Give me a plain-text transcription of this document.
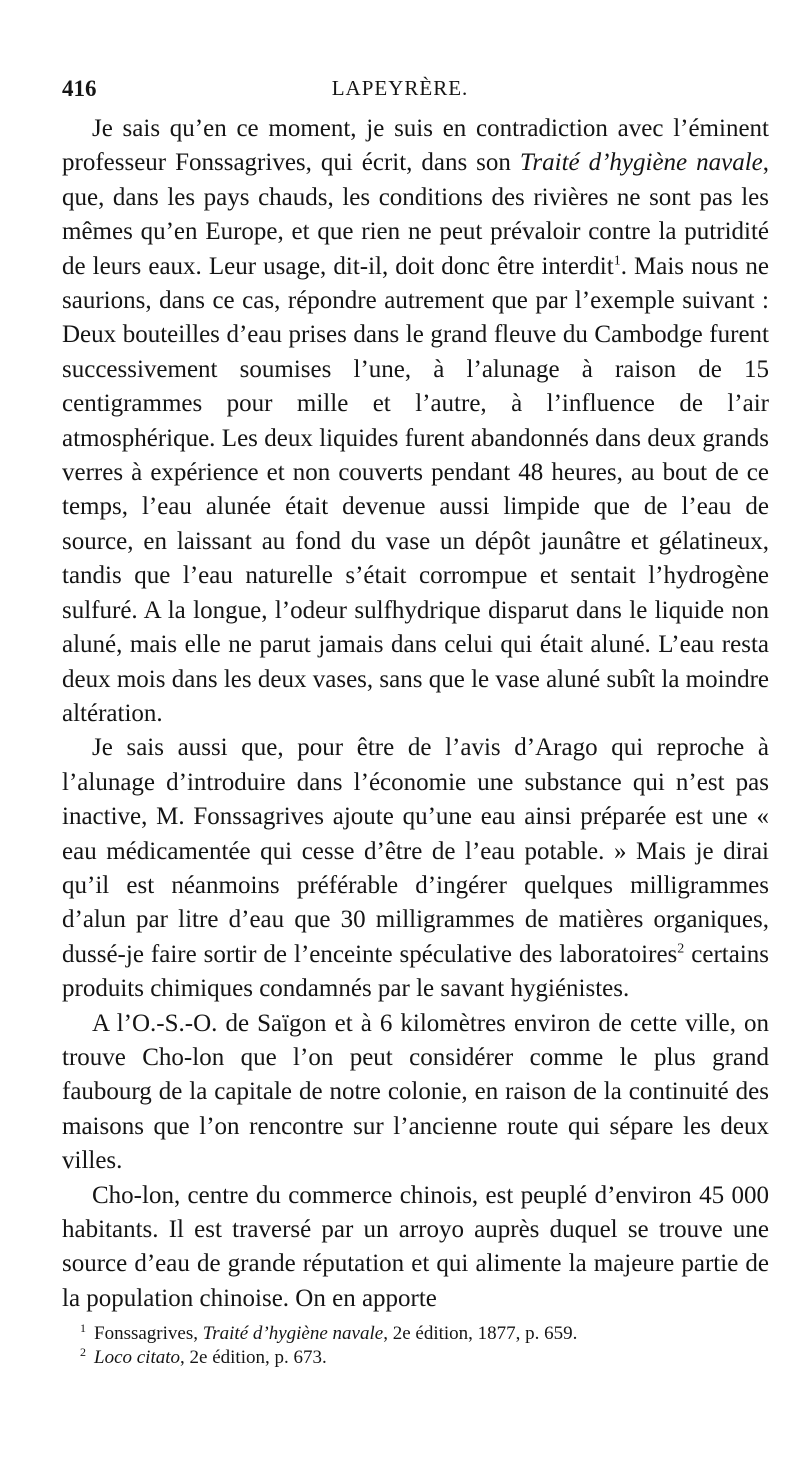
416	LAPEYRÈRE.

Je sais qu’en ce moment, je suis en contradiction avec l’éminent professeur Fonssagrives, qui écrit, dans son Traité d’hygiène navale, que, dans les pays chauds, les conditions des rivières ne sont pas les mêmes qu’en Europe, et que rien ne peut prévaloir contre la putridité de leurs eaux. Leur usage, dit-il, doit donc être interdit$^1$. Mais nous ne saurions, dans ce cas, répondre autrement que par l’exemple suivant : Deux bouteilles d’eau prises dans le grand fleuve du Cambodge furent successivement soumises l’une, à l’alunage à raison de 15 centigrammes pour mille et l’autre, à l’influence de l’air atmosphérique. Les deux liquides furent abandonnés dans deux grands verres à expérience et non couverts pendant 48 heures, au bout de ce temps, l’eau alunée était devenue aussi limpide que de l’eau de source, en laissant au fond du vase un dépôt jaunâtre et gélatineux, tandis que l’eau naturelle s’était corrompue et sentait l’hydrogène sulfuré. A la longue, l’odeur sulfhydrique disparut dans le liquide non aluné, mais elle ne parut jamais dans celui qui était aluné. L’eau resta deux mois dans les deux vases, sans que le vase aluné subît la moindre altération.

Je sais aussi que, pour être de l’avis d’Arago qui reproche à l’alunage d’introduire dans l’économie une substance qui n’est pas inactive, M. Fonssagrives ajoute qu’une eau ainsi préparée est une « eau médicamentée qui cesse d’être de l’eau potable. » Mais je dirai qu’il est néanmoins préférable d’ingérer quelques milligrammes d’alun par litre d’eau que 30 milligrammes de matières organiques, dussé-je faire sortir de l’enceinte spéculative des laboratoires$^2$ certains produits chimiques condamnés par le savant hygiénistes.

A l’O.-S.-O. de Saïgon et à 6 kilomètres environ de cette ville, on trouve Cho-lon que l’on peut considérer comme le plus grand faubourg de la capitale de notre colonie, en raison de la continuité des maisons que l’on rencontre sur l’ancienne route qui sépare les deux villes.

Cho-lon, centre du commerce chinois, est peuplé d’environ 45 000 habitants. Il est traversé par un arroyo auprès duquel se trouve une source d’eau de grande réputation et qui alimente la majeure partie de la population chinoise. On en apporte

$^1$ Fonssagrives, Traité d’hygiène navale, 2e édition, 1877, p. 659.

$^2$ Loco citato, 2e édition, p. 673.
